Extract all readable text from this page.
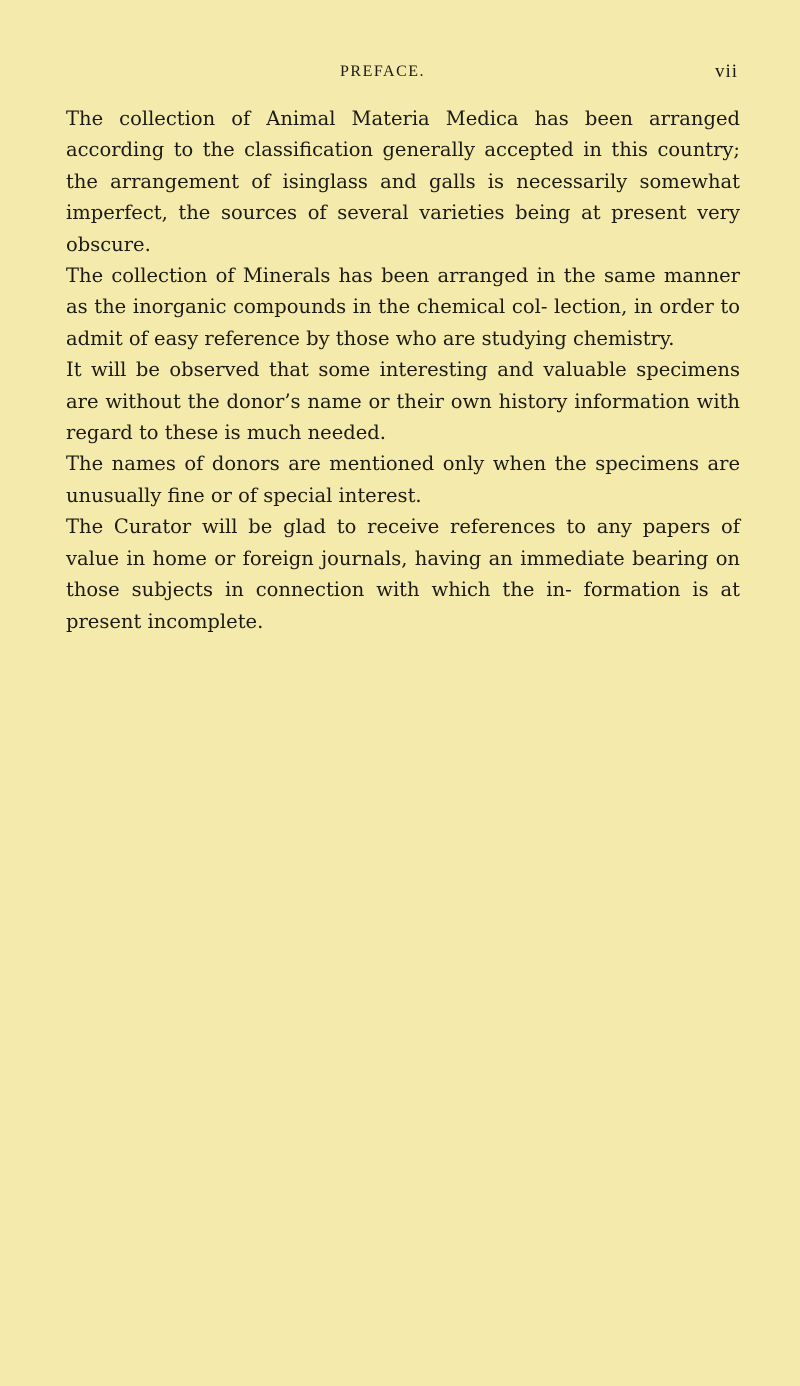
PREFACE.	vii

The collection of Animal Materia Medica has been arranged according to the classification generally accepted in this country; the arrangement of isinglass and galls is necessarily somewhat imperfect, the sources of several varieties being at present very obscure.

The collection of Minerals has been arranged in the same manner as the inorganic compounds in the chemical col- lection, in order to admit of easy reference by those who are studying chemistry.

It will be observed that some interesting and valuable specimens are without the donor’s name or their own history information with regard to these is much needed.

The names of donors are mentioned only when the specimens are unusually fine or of special interest.

The Curator will be glad to receive references to any papers of value in home or foreign journals, having an immediate bearing on those subjects in connection with which the in- formation is at present incomplete.
